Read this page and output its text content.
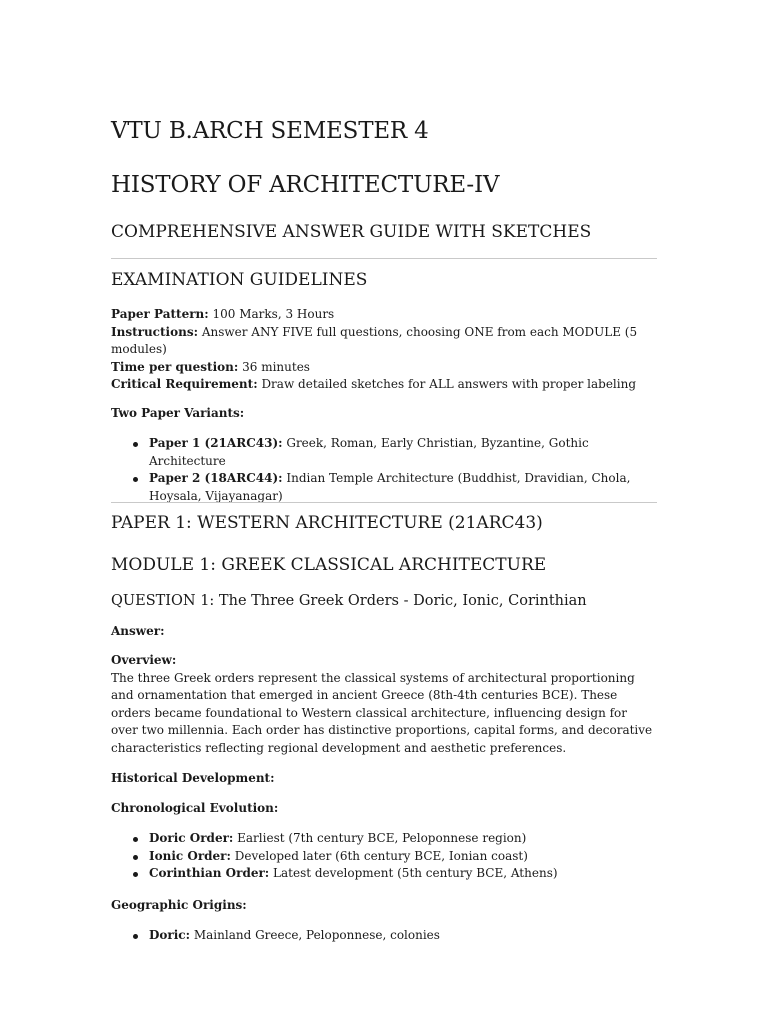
VTU B.ARCH SEMESTER 4
HISTORY OF ARCHITECTURE-IV
COMPREHENSIVE ANSWER GUIDE WITH SKETCHES
EXAMINATION GUIDELINES
Paper Pattern: 100 Marks, 3 Hours
Instructions: Answer ANY FIVE full questions, choosing ONE from each MODULE (5 modules)
Time per question: 36 minutes
Critical Requirement: Draw detailed sketches for ALL answers with proper labeling
Two Paper Variants:
Paper 1 (21ARC43): Greek, Roman, Early Christian, Byzantine, Gothic Architecture
Paper 2 (18ARC44): Indian Temple Architecture (Buddhist, Dravidian, Chola, Hoysala, Vijayanagar)
PAPER 1: WESTERN ARCHITECTURE (21ARC43)
MODULE 1: GREEK CLASSICAL ARCHITECTURE
QUESTION 1: The Three Greek Orders - Doric, Ionic, Corinthian
Answer:
Overview:
The three Greek orders represent the classical systems of architectural proportioning and ornamentation that emerged in ancient Greece (8th-4th centuries BCE). These orders became foundational to Western classical architecture, influencing design for over two millennia. Each order has distinctive proportions, capital forms, and decorative characteristics reflecting regional development and aesthetic preferences.
Historical Development:
Chronological Evolution:
Doric Order: Earliest (7th century BCE, Peloponnese region)
Ionic Order: Developed later (6th century BCE, Ionian coast)
Corinthian Order: Latest development (5th century BCE, Athens)
Geographic Origins:
Doric: Mainland Greece, Peloponnese, colonies
